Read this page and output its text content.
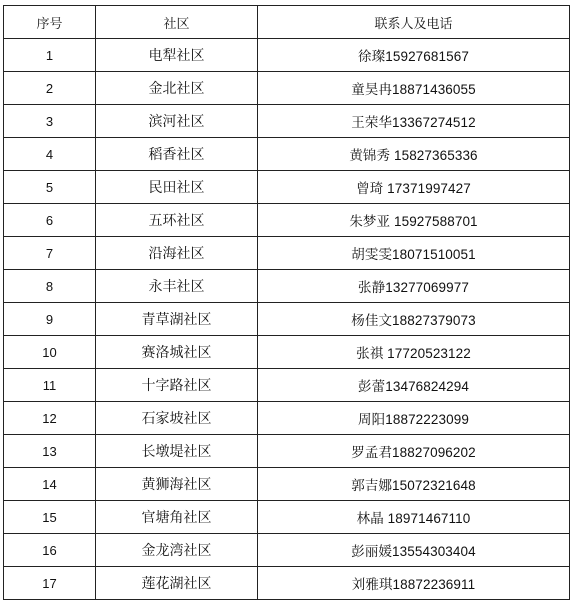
序号	社区	联系人及电话
1	电犁社区	徐璨15927681567
2	金北社区	童昊冉18871436055
3	滨河社区	王荣华13367274512
4	稻香社区	黄锦秀 15827365336
5	民田社区	曾琦 17371997427
6	五环社区	朱梦亚 15927588701
7	沿海社区	胡雯雯18071510051
8	永丰社区	张静13277069977
9	青草湖社区	杨佳文18827379073
10	赛洛城社区	张祺 17720523122
11	十字路社区	彭蕾13476824294
12	石家坡社区	周阳18872223099
13	长墩堤社区	罗孟君18827096202
14	黄狮海社区	郭吉娜15072321648
15	官塘角社区	林晶 18971467110
16	金龙湾社区	彭丽媛13554303404
17	莲花湖社区	刘雅琪18872236911
